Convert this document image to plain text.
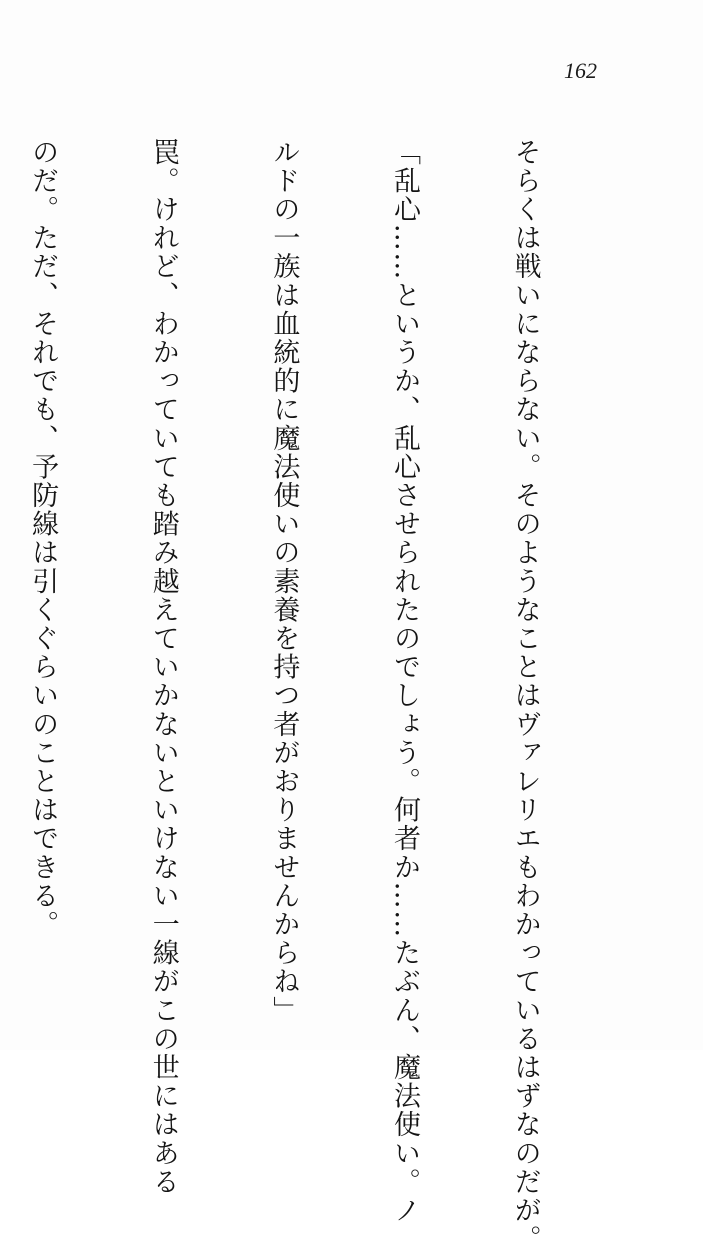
162

そらくは戦いにならない。そのようなことはヴァレリエもわかっているはずなのだが。

「乱心……というか、乱心させられたのでしょう。何者か……たぶん、魔法使い。ノ

ルドの一族は血統的に魔法使いの素養を持つ者がおりませんからね」

罠。けれど、わかっていても踏み越えていかないといけない一線がこの世にはある

のだ。ただ、それでも、予防線は引くぐらいのことはできる。
